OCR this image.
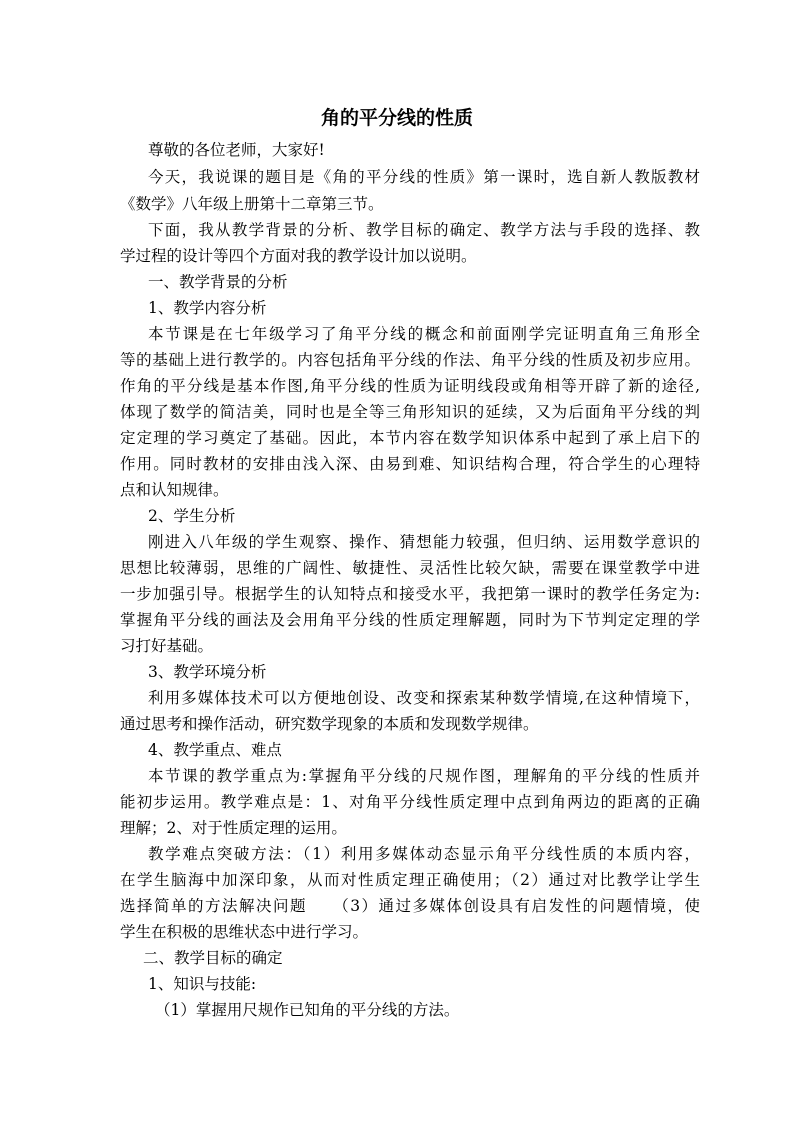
角的平分线的性质
尊敬的各位老师，大家好!
今天，我说课的题目是《角的平分线的性质》第一课时，选自新人教版教材
《数学》八年级上册第十二章第三节。
下面，我从教学背景的分析、教学目标的确定、教学方法与手段的选择、教
学过程的设计等四个方面对我的教学设计加以说明。
一、教学背景的分析
1、教学内容分析
本节课是在七年级学习了角平分线的概念和前面刚学完证明直角三角形全
等的基础上进行教学的。内容包括角平分线的作法、角平分线的性质及初步应用。
作角的平分线是基本作图,角平分线的性质为证明线段或角相等开辟了新的途径,
体现了数学的简洁美，同时也是全等三角形知识的延续，又为后面角平分线的判
定定理的学习奠定了基础。因此，本节内容在数学知识体系中起到了承上启下的
作用。同时教材的安排由浅入深、由易到难、知识结构合理，符合学生的心理特
点和认知规律。
2、学生分析
刚进入八年级的学生观察、操作、猜想能力较强，但归纳、运用数学意识的
思想比较薄弱，思维的广阔性、敏捷性、灵活性比较欠缺，需要在课堂教学中进
一步加强引导。根据学生的认知特点和接受水平，我把第一课时的教学任务定为:
掌握角平分线的画法及会用角平分线的性质定理解题，同时为下节判定定理的学
习打好基础。
3、教学环境分析
利用多媒体技术可以方便地创设、改变和探索某种数学情境,在这种情境下，
通过思考和操作活动，研究数学现象的本质和发现数学规律。
4、教学重点、难点
本节课的教学重点为:掌握角平分线的尺规作图，理解角的平分线的性质并
能初步运用。教学难点是：1、对角平分线性质定理中点到角两边的距离的正确
理解；2、对于性质定理的运用。
教学难点突破方法：（1）利用多媒体动态显示角平分线性质的本质内容，
在学生脑海中加深印象，从而对性质定理正确使用；（2）通过对比教学让学生
选择简单的方法解决问题　　（3）通过多媒体创设具有启发性的问题情境，使
学生在积极的思维状态中进行学习。
二、教学目标的确定
1、知识与技能:
（1）掌握用尺规作已知角的平分线的方法。
